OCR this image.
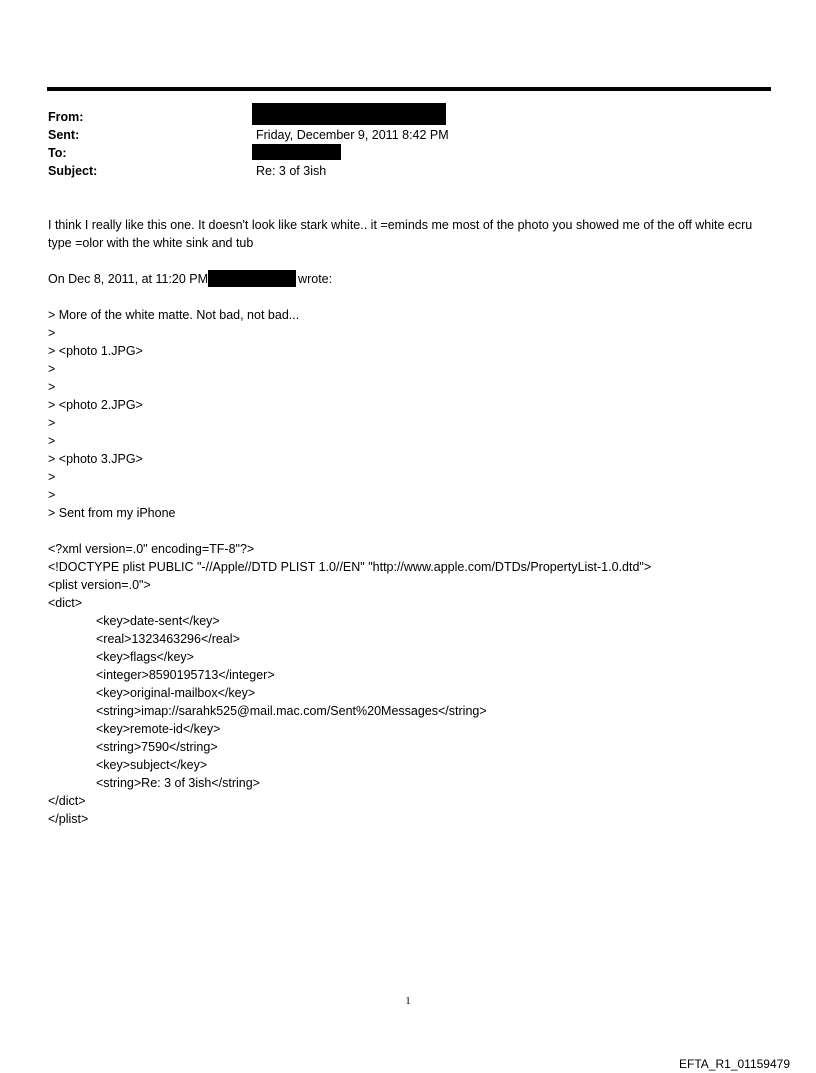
From:
Sent:	Friday, December 9, 2011 8:42 PM
To:
Subject:	Re: 3 of 3ish

I think I really like this one. It doesn't look like stark white.. it =eminds me most of the photo you showed me of the off white ecru type =olor with the white sink and tub

On Dec 8, 2011, at 11:20 PM	wrote:
> More of the white matte. Not bad, not bad...
>
> <photo 1.JPG>
>
>
> <photo 2.JPG>
>
>
> <photo 3.JPG>
>
>
> Sent from my iPhone
<?xml version=.0" encoding=TF-8"?>
<!DOCTYPE plist PUBLIC "-//Apple//DTD PLIST 1.0//EN" "http://www.apple.com/DTDs/PropertyList-1.0.dtd">
<plist version=.0">
<dict>
<key>date-sent</key>
<real>1323463296</real>
<key>flags</key>
<integer>8590195713</integer>
<key>original-mailbox</key>
<string>imap://sarahk525@mail.mac.com/Sent%20Messages</string>
<key>remote-id</key>
<string>7590</string>
<key>subject</key>
<string>Re: 3 of 3ish</string>
</dict>
</plist>
1
EFTA_R1_01159479
